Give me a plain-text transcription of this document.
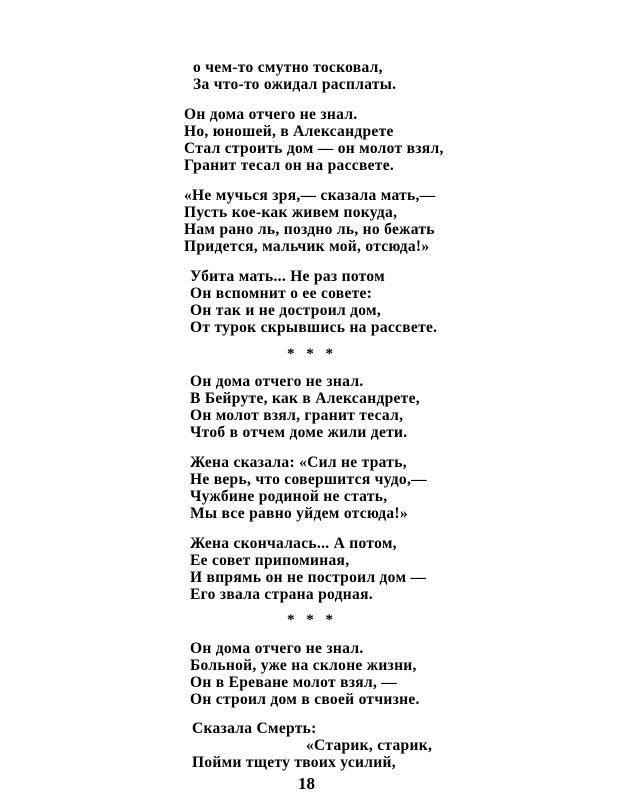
о чем-то смутно тосковал,
За что-то ожидал расплаты.
Он дома отчего не знал.
Но, юношей, в Александрете
Стал строить дом — он молот взял,
Гранит тесал он на рассвете.
«Не мучься зря,— сказала мать,—
Пусть кое-как живем покуда,
Нам рано ль, поздно ль, но бежать
Придется, мальчик мой, отсюда!»
Убита мать... Не раз потом
Он вспомнит о ее совете:
Он так и не достроил дом,
От турок скрывшись на рассвете.
* * *
Он дома отчего не знал.
В Бейруте, как в Александрете,
Он молот взял, гранит тесал,
Чтоб в отчем доме жили дети.
Жена сказала: «Сил не трать,
Не верь, что совершится чудо,—
Чужбине родиной не стать,
Мы все равно уйдем отсюда!»
Жена скончалась... А потом,
Ее совет припоминая,
И впрямь он не построил дом —
Его звала страна родная.
* * *
Он дома отчего не знал.
Больной, уже на склоне жизни,
Он в Ереване молот взял, —
Он строил дом в своей отчизне.
Сказала Смерть:
«Старик, старик,
Пойми тщету твоих усилий,
18
